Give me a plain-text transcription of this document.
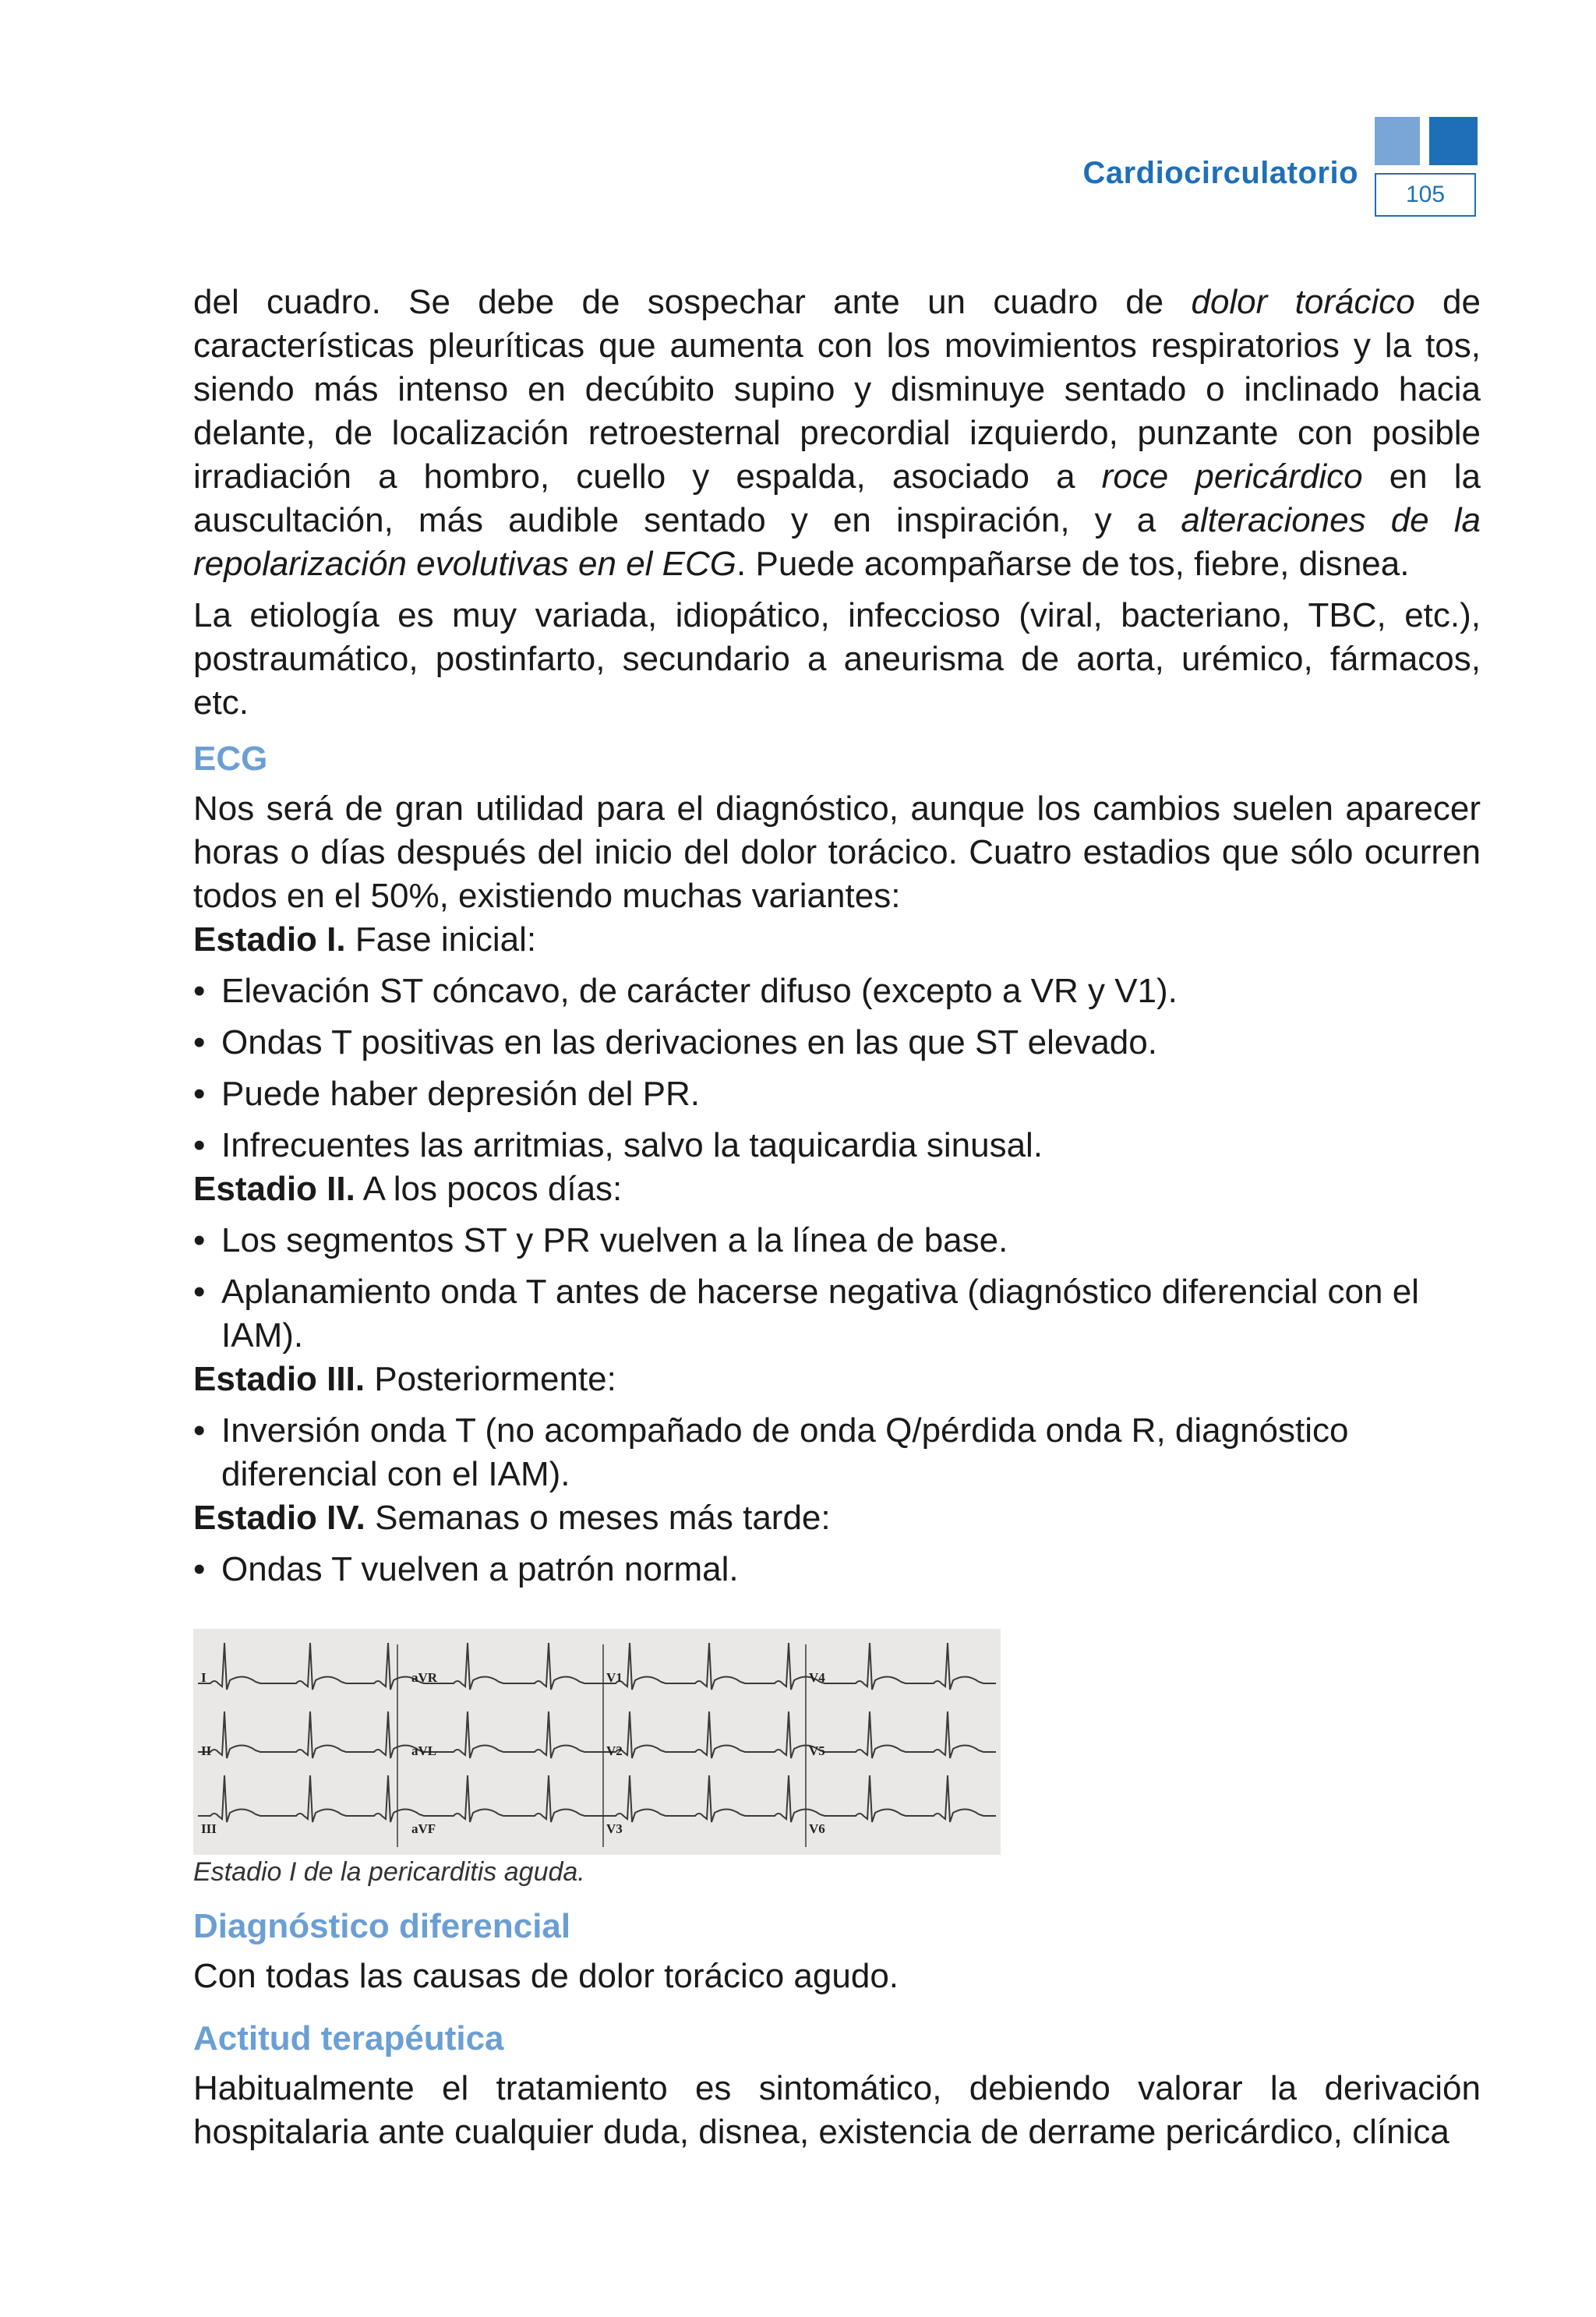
Cardiocirculatorio
105

del cuadro. Se debe de sospechar ante un cuadro de dolor torácico de características pleuríticas que aumenta con los movimientos respiratorios y la tos, siendo más intenso en decúbito supino y disminuye sentado o inclinado hacia delante, de localización retroesternal precordial izquierdo, punzante con posible irradiación a hombro, cuello y espalda, asociado a roce pericárdico en la auscultación, más audible sentado y en inspiración, y a alteraciones de la repolarización evolutivas en el ECG. Puede acompañarse de tos, fiebre, disnea.

La etiología es muy variada, idiopático, infeccioso (viral, bacteriano, TBC, etc.), postraumático, postinfarto, secundario a aneurisma de aorta, urémico, fármacos, etc.

ECG

Nos será de gran utilidad para el diagnóstico, aunque los cambios suelen aparecer horas o días después del inicio del dolor torácico. Cuatro estadios que sólo ocurren todos en el 50%, existiendo muchas variantes:

Estadio I. Fase inicial:

• Elevación ST cóncavo, de carácter difuso (excepto a VR y V1).
• Ondas T positivas en las derivaciones en las que ST elevado.
• Puede haber depresión del PR.
• Infrecuentes las arritmias, salvo la taquicardia sinusal.

Estadio II. A los pocos días:

• Los segmentos ST y PR vuelven a la línea de base.
• Aplanamiento onda T antes de hacerse negativa (diagnóstico diferencial con el IAM).

Estadio III. Posteriormente:

• Inversión onda T (no acompañado de onda Q/pérdida onda R, diagnóstico diferencial con el IAM).

Estadio IV. Semanas o meses más tarde:

• Ondas T vuelven a patrón normal.
I	aVR	V1	V4
II	aVL	V2	V5
III	aVF	V3	V6

Estadio I de la pericarditis aguda.

Diagnóstico diferencial

Con todas las causas de dolor torácico agudo.

Actitud terapéutica

Habitualmente el tratamiento es sintomático, debiendo valorar la derivación hospitalaria ante cualquier duda, disnea, existencia de derrame pericárdico, clínica
